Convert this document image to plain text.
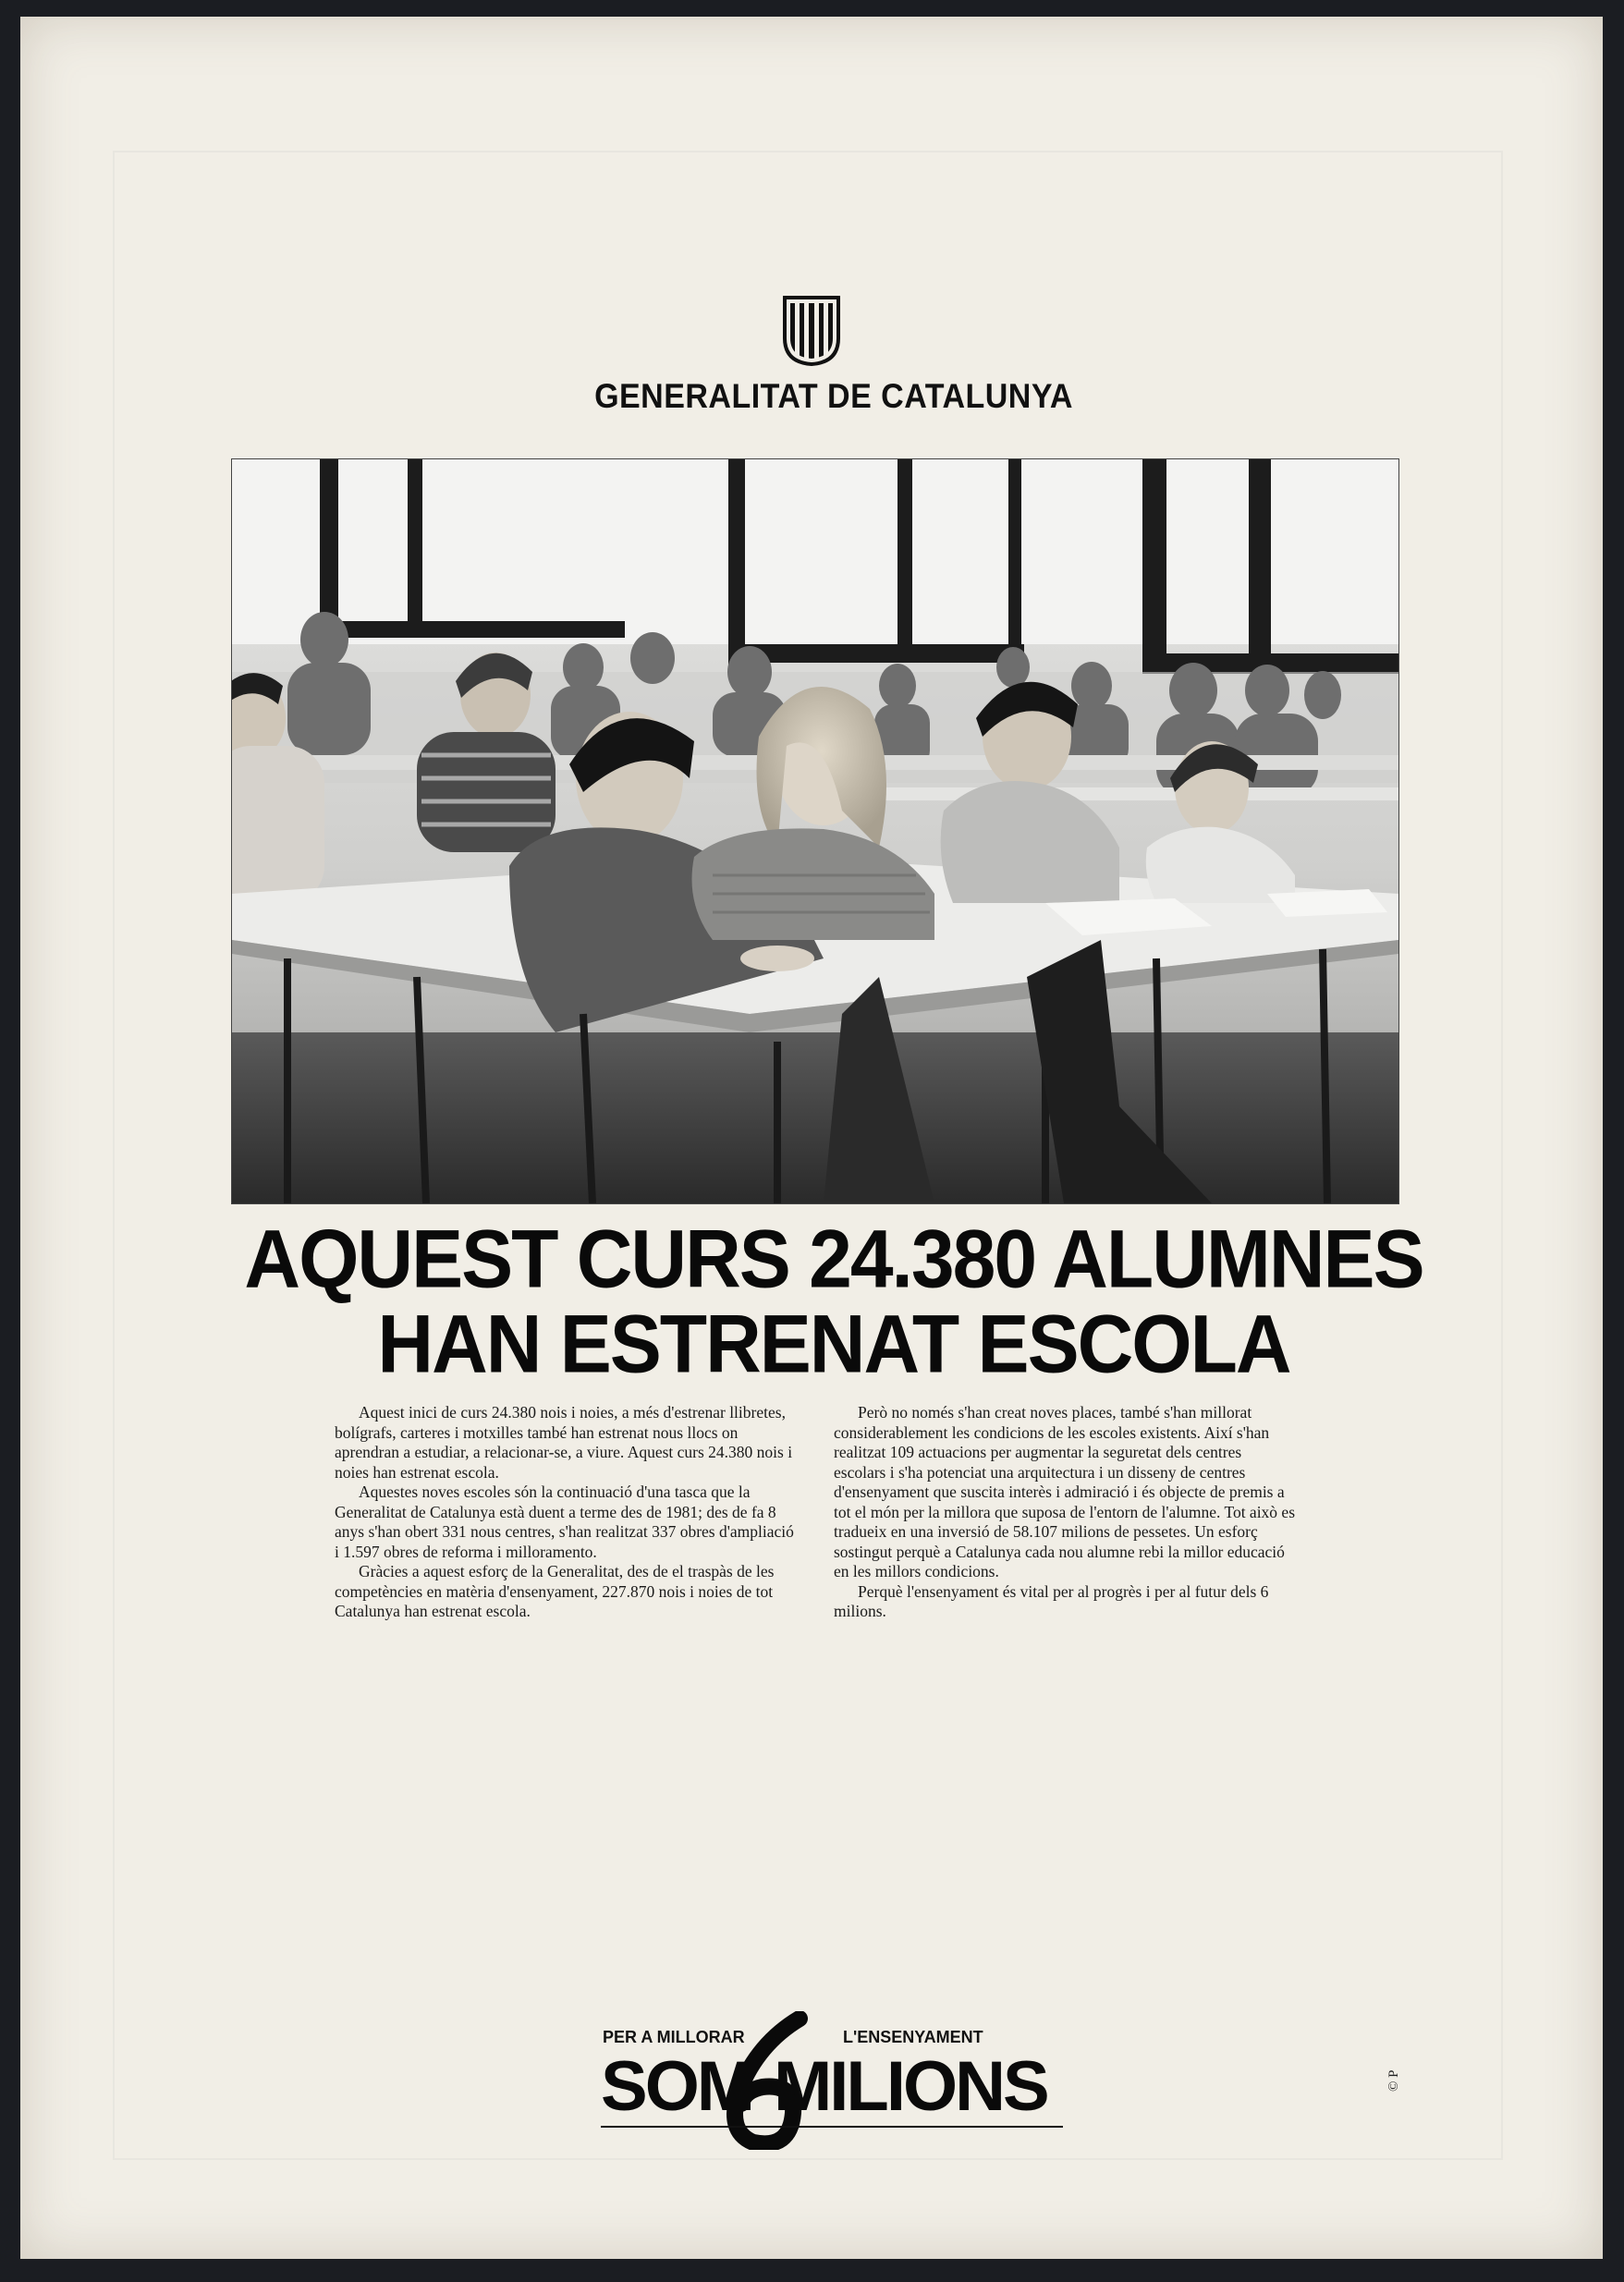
GENERALITAT DE CATALUNYA
AQUEST CURS 24.380 ALUMNES
HAN ESTRENAT ESCOLA

Aquest inici de curs 24.380 nois i noies, a més d'estrenar llibretes, bolígrafs, carteres i motxilles també han estrenat nous llocs on aprendran a estudiar, a relacionar-se, a viure. Aquest curs 24.380 nois i noies han estrenat escola.

Aquestes noves escoles són la continuació d'una tasca que la Generalitat de Catalunya està duent a terme des de 1981; des de fa 8 anys s'han obert 331 nous centres, s'han realitzat 337 obres d'ampliació i 1.597 obres de reforma i milloramento.

Gràcies a aquest esforç de la Generalitat, des de el traspàs de les competències en matèria d'ensenyament, 227.870 nois i noies de tot Catalunya han estrenat escola.

Però no només s'han creat noves places, també s'han millorat considerablement les condicions de les escoles existents. Així s'han realitzat 109 actuacions per augmentar la seguretat dels centres escolars i s'ha potenciat una arquitectura i un disseny de centres d'ensenyament que suscita interès i admiració i és objecte de premis a tot el món per la millora que suposa de l'entorn de l'alumne. Tot això es tradueix en una inversió de 58.107 milions de pessetes. Un esforç sostingut perquè a Catalunya cada nou alumne rebi la millor educació en les millors condicions.

Perquè l'ensenyament és vital per al progrès i per al futur dels 6 milions.

PER A MILLORAR	L'ENSENYAMENT
SOM MILIONS	© P
